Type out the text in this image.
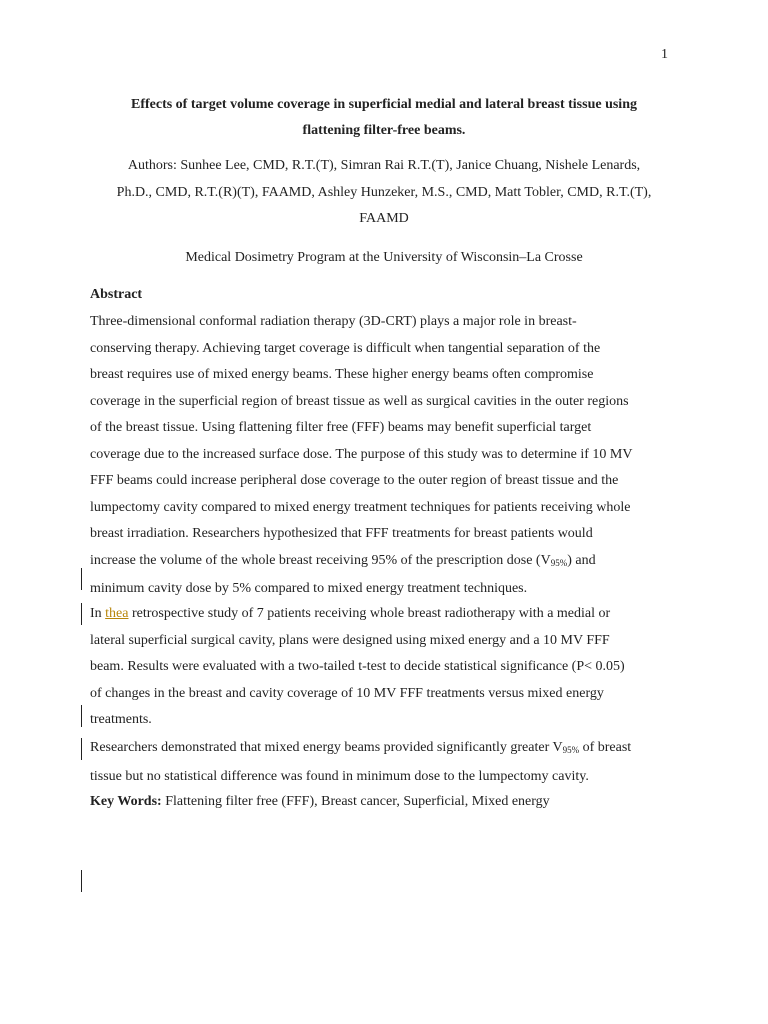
1
Effects of target volume coverage in superficial medial and lateral breast tissue using
flattening filter-free beams.
Authors: Sunhee Lee, CMD, R.T.(T), Simran Rai R.T.(T), Janice Chuang, Nishele Lenards,
Ph.D., CMD, R.T.(R)(T), FAAMD, Ashley Hunzeker, M.S., CMD, Matt Tobler, CMD, R.T.(T),
FAAMD
Medical Dosimetry Program at the University of Wisconsin–La Crosse
Abstract
Three-dimensional conformal radiation therapy (3D-CRT) plays a major role in breast-
conserving therapy. Achieving target coverage is difficult when tangential separation of the
breast requires use of mixed energy beams. These higher energy beams often compromise
coverage in the superficial region of breast tissue as well as surgical cavities in the outer regions
of the breast tissue. Using flattening filter free (FFF) beams may benefit superficial target
coverage due to the increased surface dose. The purpose of this study was to determine if 10 MV
FFF beams could increase peripheral dose coverage to the outer region of breast tissue and the
lumpectomy cavity compared to mixed energy treatment techniques for patients receiving whole
breast irradiation. Researchers hypothesized that FFF treatments for breast patients would
increase the volume of the whole breast receiving 95% of the prescription dose $(V_{95\%})$ and
minimum cavity dose by 5% compared to mixed energy treatment techniques.
In thea retrospective study of 7 patients receiving whole breast radiotherapy with a medial or
lateral superficial surgical cavity, plans were designed using mixed energy and a 10 MV FFF
beam. Results were evaluated with a two-tailed t-test to decide statistical significance (P< 0.05)
of changes in the breast and cavity coverage of 10 MV FFF treatments versus mixed energy
treatments.
Researchers demonstrated that mixed energy beams provided significantly greater $V_{95\%}$ of breast
tissue but no statistical difference was found in minimum dose to the lumpectomy cavity.
Key Words: Flattening filter free (FFF), Breast cancer, Superficial, Mixed energy
